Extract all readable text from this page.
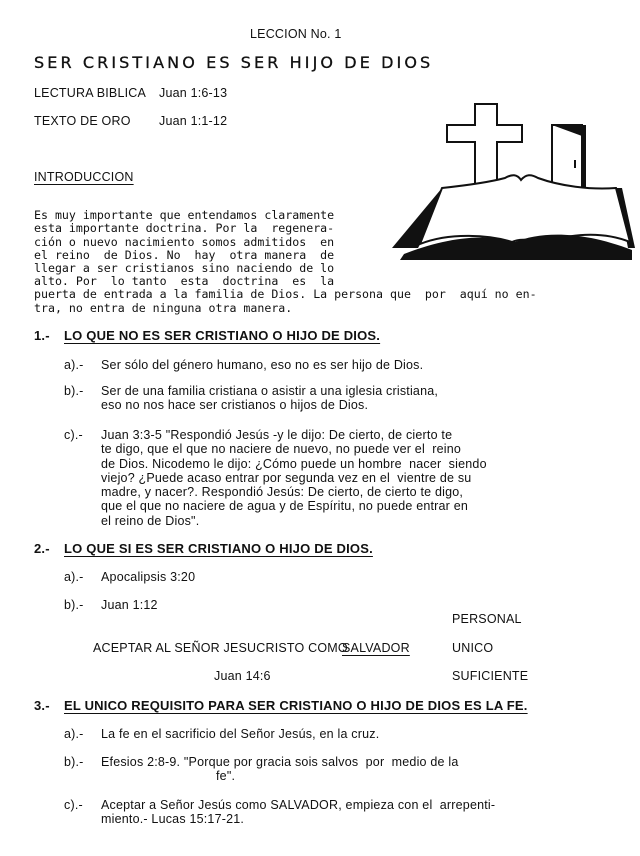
LECCION No. 1
SER CRISTIANO ES SER HIJO DE DIOS
LECTURA BIBLICA Juan 1:6-13
TEXTO DE ORO Juan 1:1-12
INTRODUCCION

Es muy importante que entendamos claramente
esta importante doctrina. Por la  regenera-
ción o nuevo nacimiento somos admitidos  en
el reino  de Dios. No  hay  otra manera  de
llegar a ser cristianos sino naciendo de lo
alto. Por  lo tanto  esta  doctrina  es  la
puerta de entrada a la familia de Dios. La persona que  por  aquí no en-
tra, no entra de ninguna otra manera.

1.- LO QUE NO ES SER CRISTIANO O HIJO DE DIOS.
a).- Ser sólo del género humano, eso no es ser hijo de Dios.
b).- Ser de una familia cristiana o asistir a una iglesia cristiana,
eso no nos hace ser cristianos o hijos de Dios.
c).- Juan 3:3-5 "Respondió Jesús -y le dijo: De cierto, de cierto te
te digo, que el que no naciere de nuevo, no puede ver el  reino
de Dios. Nicodemo le dijo: ¿Cómo puede un hombre  nacer  siendo
viejo? ¿Puede acaso entrar por segunda vez en el  vientre de su
madre, y nacer?. Respondió Jesús: De cierto, de cierto te digo,
que el que no naciere de agua y de Espíritu, no puede entrar en
el reino de Dios".
2.- LO QUE SI ES SER CRISTIANO O HIJO DE DIOS.
a).- Apocalipsis 3:20
b).- Juan 1:12
PERSONAL
ACEPTAR AL SEÑOR JESUCRISTO COMO
SALVADOR	UNICO
Juan 14:6	SUFICIENTE
3.- EL UNICO REQUISITO PARA SER CRISTIANO O HIJO DE DIOS ES LA FE.
a).- La fe en el sacrificio del Señor Jesús, en la cruz.
b).- Efesios 2:8-9. "Porque por gracia sois salvos  por  medio de la
fe".
c).- Aceptar a Señor Jesús como SALVADOR, empieza con el  arrepenti-
miento.- Lucas 15:17-21.
